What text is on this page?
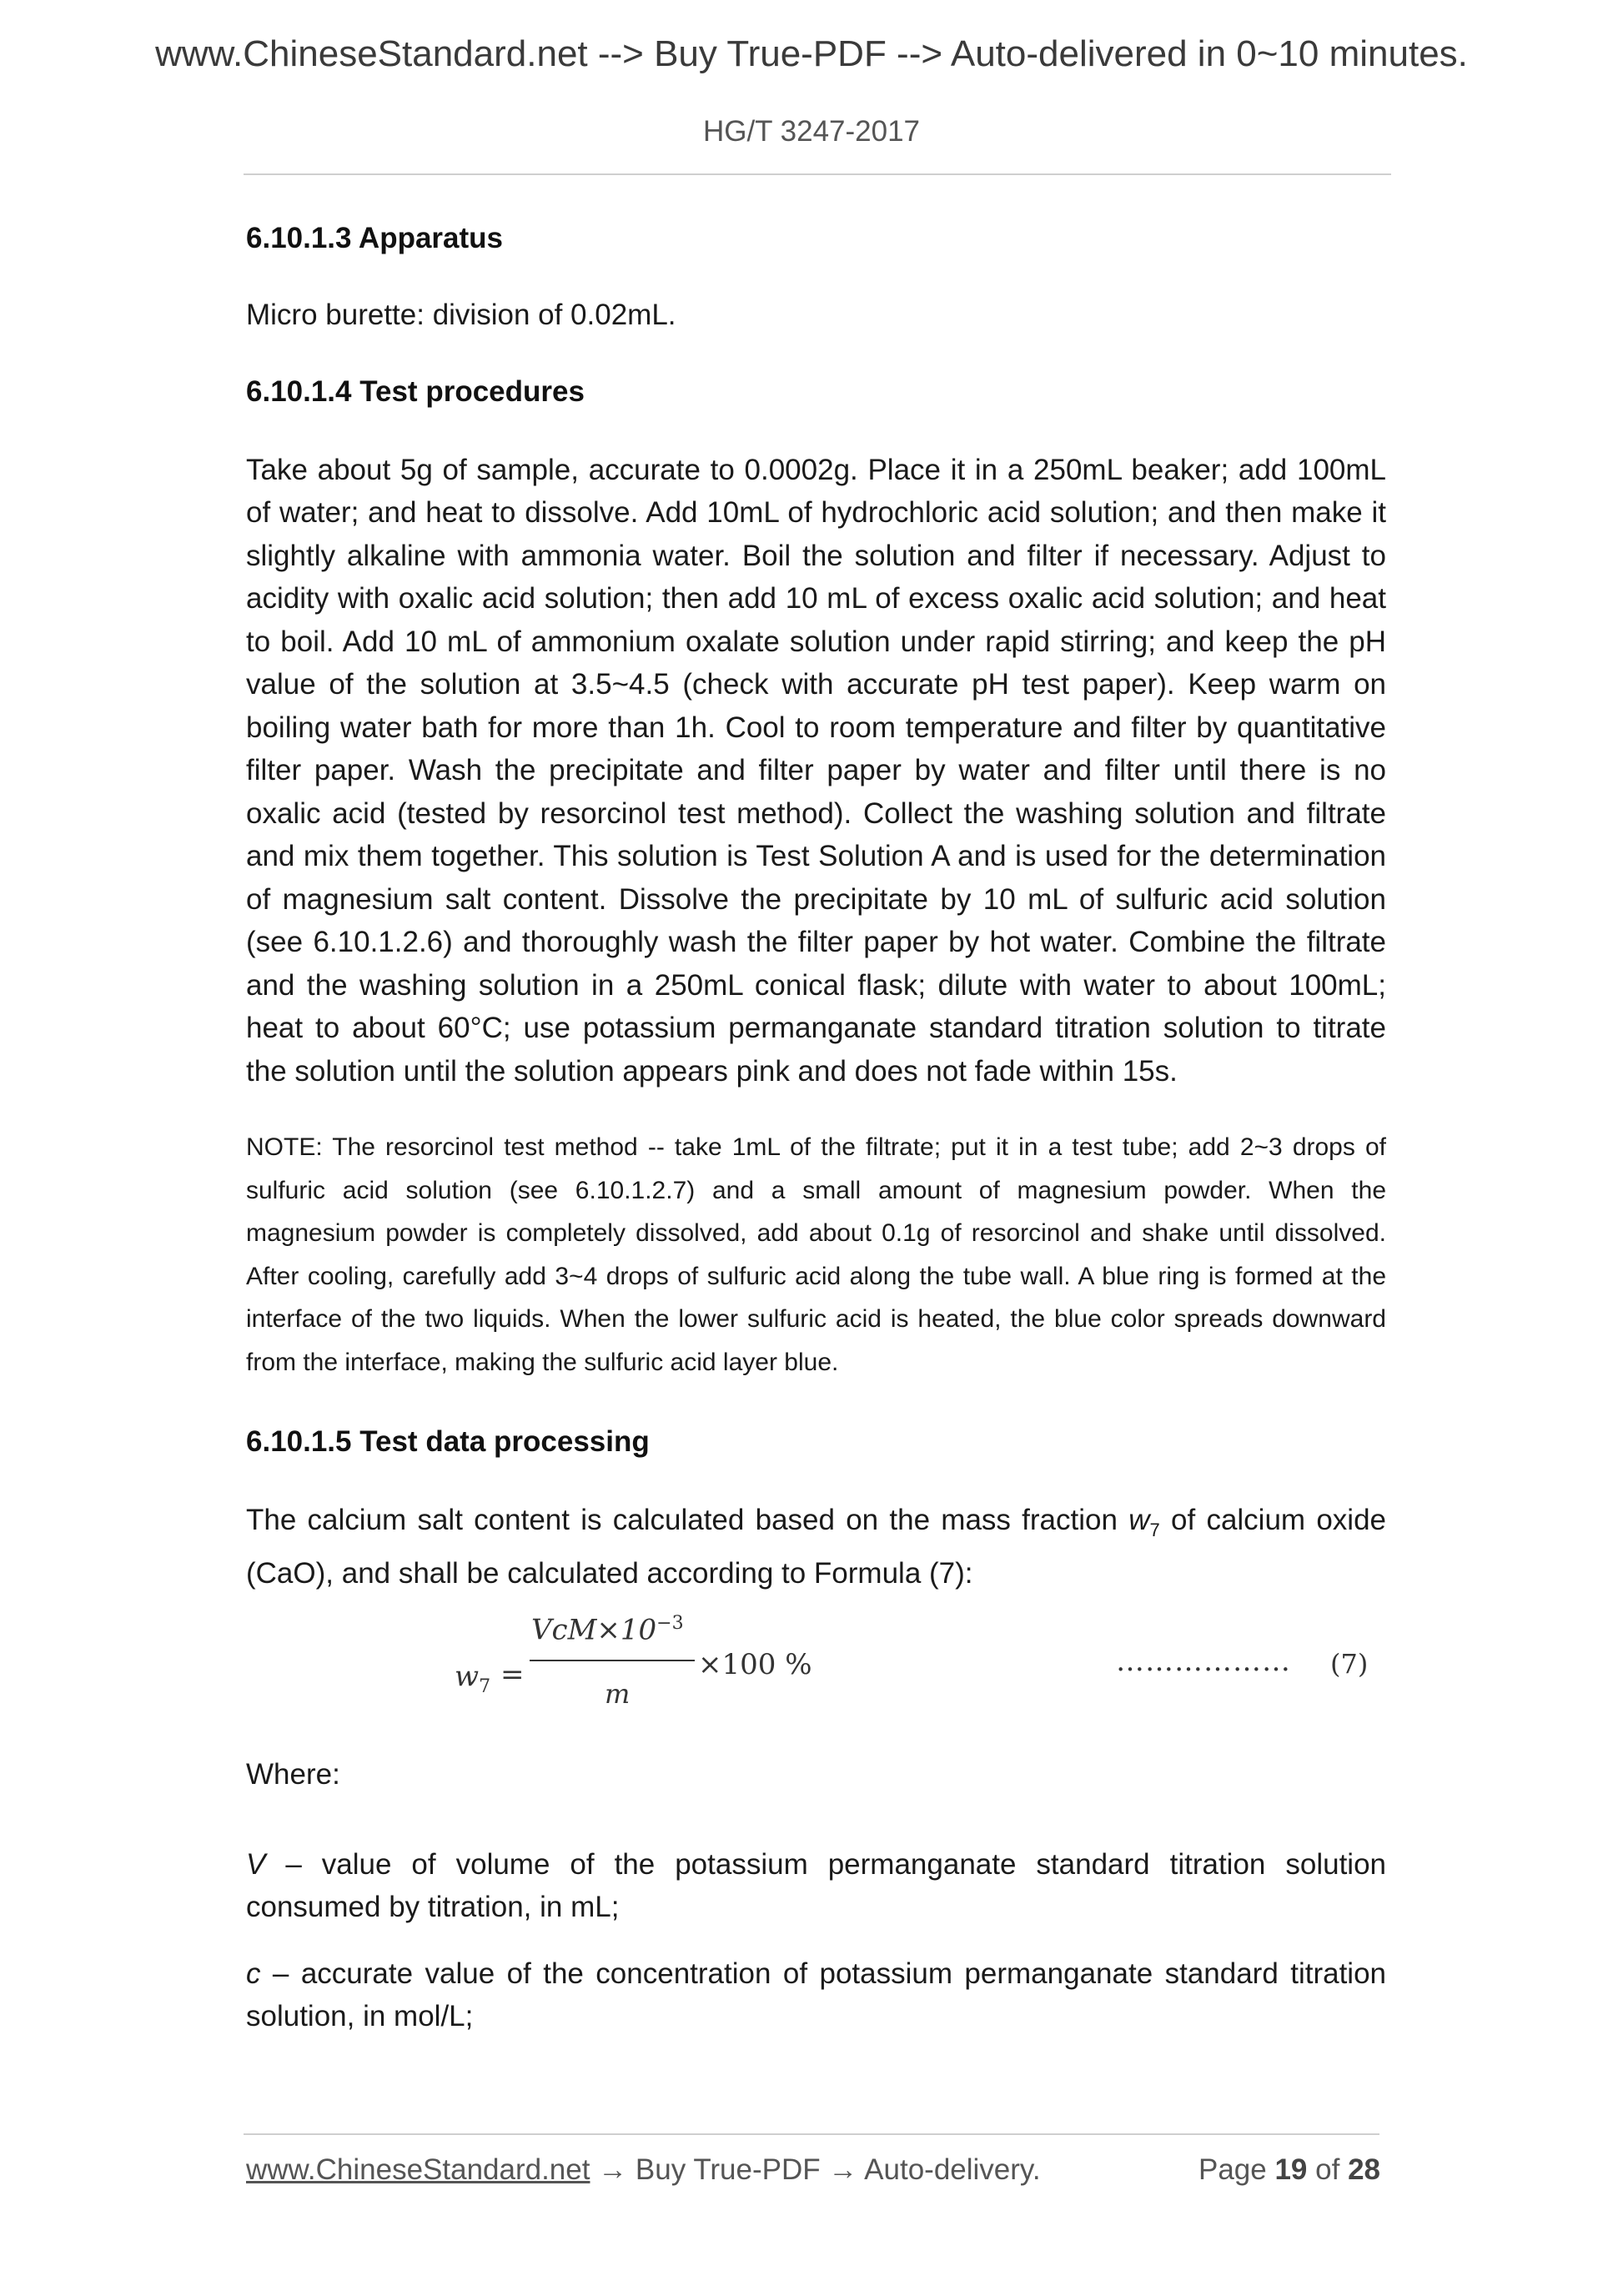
www.ChineseStandard.net --> Buy True-PDF --> Auto-delivered in 0~10 minutes.
HG/T 3247-2017
6.10.1.3 Apparatus

Micro burette: division of 0.02mL.

6.10.1.4 Test procedures

Take about 5g of sample, accurate to 0.0002g. Place it in a 250mL beaker; add 100mL of water; and heat to dissolve. Add 10mL of hydrochloric acid solution; and then make it slightly alkaline with ammonia water. Boil the solution and filter if necessary. Adjust to acidity with oxalic acid solution; then add 10 mL of excess oxalic acid solution; and heat to boil. Add 10 mL of ammonium oxalate solution under rapid stirring; and keep the pH value of the solution at 3.5~4.5 (check with accurate pH test paper). Keep warm on boiling water bath for more than 1h. Cool to room temperature and filter by quantitative filter paper. Wash the precipitate and filter paper by water and filter until there is no oxalic acid (tested by resorcinol test method). Collect the washing solution and filtrate and mix them together. This solution is Test Solution A and is used for the determination of magnesium salt content. Dissolve the precipitate by 10 mL of sulfuric acid solution (see 6.10.1.2.6) and thoroughly wash the filter paper by hot water. Combine the filtrate and the washing solution in a 250mL conical flask; dilute with water to about 100mL; heat to about 60°C; use potassium permanganate standard titration solution to titrate the solution until the solution appears pink and does not fade within 15s.

NOTE: The resorcinol test method -- take 1mL of the filtrate; put it in a test tube; add 2~3 drops of sulfuric acid solution (see 6.10.1.2.7) and a small amount of magnesium powder. When the magnesium powder is completely dissolved, add about 0.1g of resorcinol and shake until dissolved. After cooling, carefully add 3~4 drops of sulfuric acid along the tube wall. A blue ring is formed at the interface of the two liquids. When the lower sulfuric acid is heated, the blue color spreads downward from the interface, making the sulfuric acid layer blue.

6.10.1.5 Test data processing

The calcium salt content is calculated based on the mass fraction $w_7$ of calcium oxide (CaO), and shall be calculated according to Formula (7):

$w_7$ =
$VcM\times 10^{-3}$
m
×100 %	……………… (7)

Where:

V – value of volume of the potassium permanganate standard titration solution consumed by titration, in mL;

c – accurate value of the concentration of potassium permanganate standard titration solution, in mol/L;

www.ChineseStandard.net → Buy True-PDF → Auto-delivery.	Page 19 of 28
